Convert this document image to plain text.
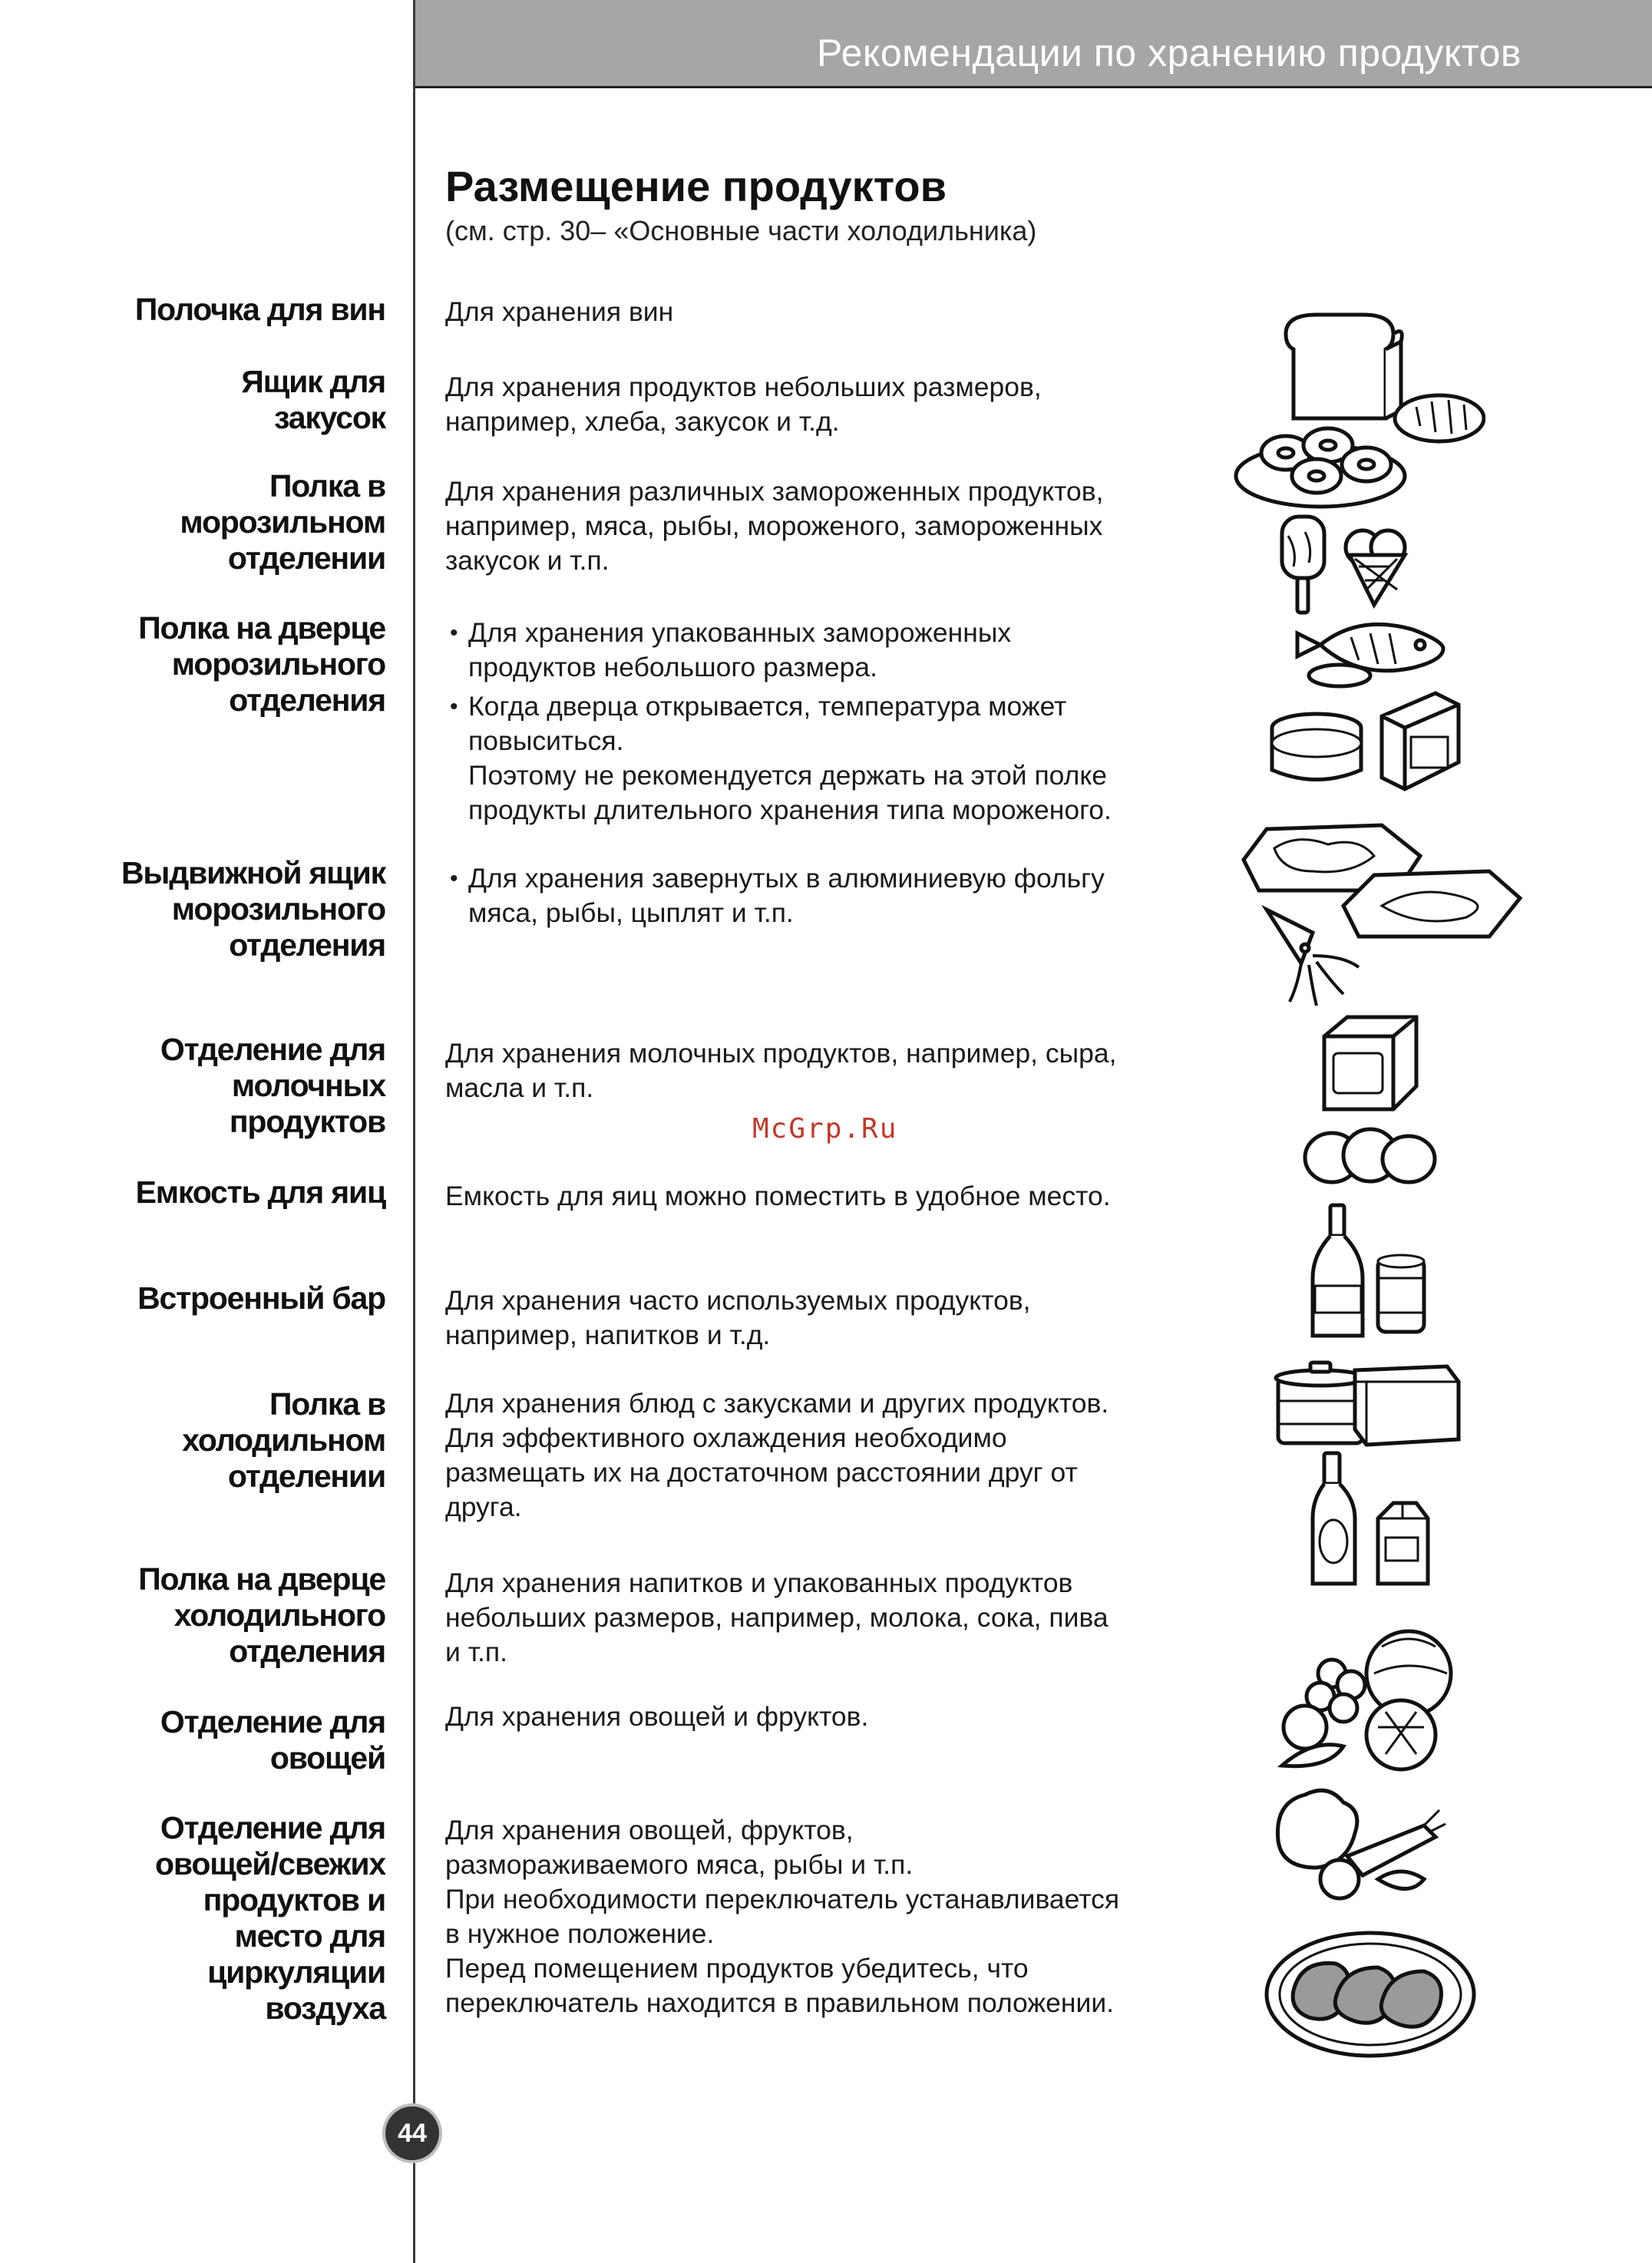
Рекомендации по хранению продуктов
Размещение продуктов
(см. стр. 30– «Основные части холодильника)
Полочка для вин Для хранения вин

Ящик для
закусок

Для хранения продуктов небольших размеров,

например, хлеба, закусок и т.д.

Полка в
морозильном
отделении

Для хранения различных замороженных продуктов,

например, мяса, рыбы, мороженого, замороженных

закусок и т.п.

Полка на дверце
морозильного
отделения

• Для хранения упакованных замороженных

продуктов небольшого размера.

• Когда дверца открывается, температура может

повыситься.

Поэтому не рекомендуется держать на этой полке

продукты длительного хранения типа мороженого.

Выдвижной ящик
морозильного
отделения

• Для хранения завернутых в алюминиевую фольгу

мяса, рыбы, цыплят и т.п.

Отделение для
молочных
продуктов

Для хранения молочных продуктов, например, сыра,

масла и т.п.

McGrp.Ru
Емкость для яиц Емкость для яиц можно поместить в удобное место.

Встроенный бар Для хранения часто используемых продуктов,

например, напитков и т.д.

Полка в
холодильном
отделении

Для хранения блюд с закусками и других продуктов.

Для эффективного охлаждения необходимо

размещать их на достаточном расстоянии друг от

друга.

Полка на дверце
холодильного
отделения

Для хранения напитков и упакованных продуктов

небольших размеров, например, молока, сока, пива

и т.п.

Отделение для
овощей

Для хранения овощей и фруктов.

Отделение для
овощей/свежих
продуктов и
место для
циркуляции
воздуха

Для хранения овощей, фруктов,

размораживаемого мяса, рыбы и т.п.

При необходимости переключатель устанавливается

в нужное положение.

Перед помещением продуктов убедитесь, что

переключатель находится в правильном положении.

44
